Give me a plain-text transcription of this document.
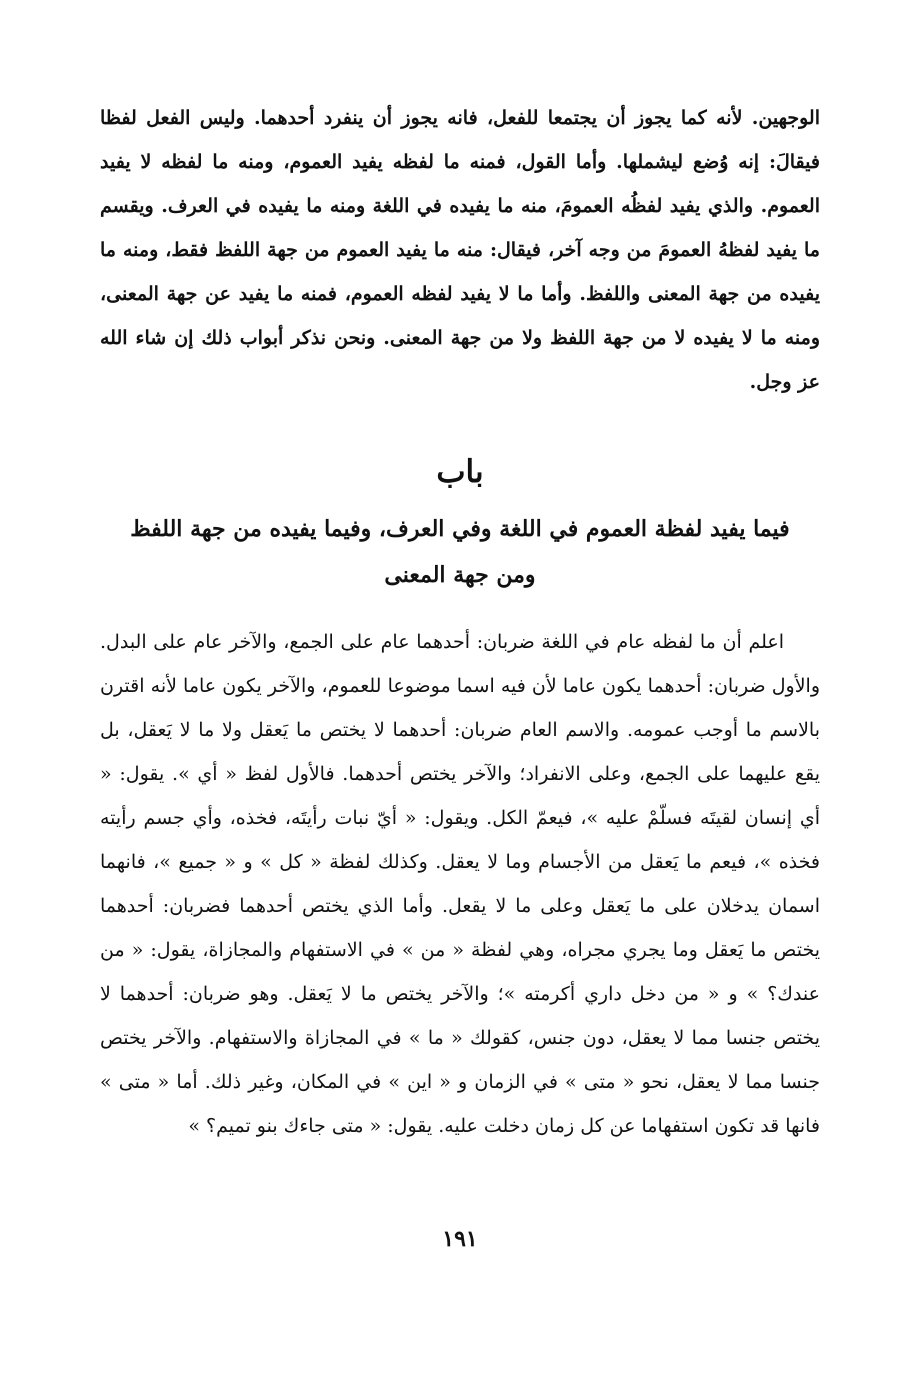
الوجهين. لأنه كما يجوز أن يجتمعا للفعل، فانه يجوز أن ينفرد أحدهما. وليس الفعل لفظا فيقالَ: إنه وُضع ليشملها. وأما القول، فمنه ما لفظه يفيد العموم، ومنه ما لفظه لا يفيد العموم. والذي يفيد لفظُه العمومَ، منه ما يفيده في اللغة ومنه ما يفيده في العرف. ويقسم ما يفيد لفظهُ العمومَ من وجه آخر، فيقال: منه ما يفيد العموم من جهة اللفظ فقط، ومنه ما يفيده من جهة المعنى واللفظ. وأما ما لا يفيد لفظه العموم، فمنه ما يفيد عن جهة المعنى، ومنه ما لا يفيده لا من جهة اللفظ ولا من جهة المعنى. ونحن نذكر أبواب ذلك إن شاء الله عز وجل.

باب
فيما يفيد لفظة العموم في اللغة وفي العرف، وفيما يفيده من جهة اللفظ
ومن جهة المعنى

اعلم أن ما لفظه عام في اللغة ضربان: أحدهما عام على الجمع، والآخر عام على البدل. والأول ضربان: أحدهما يكون عاما لأن فيه اسما موضوعا للعموم، والآخر يكون عاما لأنه اقترن بالاسم ما أوجب عمومه. والاسم العام ضربان: أحدهما لا يختص ما يَعقل ولا ما لا يَعقل، بل يقع عليهما على الجمع، وعلى الانفراد؛ والآخر يختص أحدهما. فالأول لفظ « أي ». يقول: « أي إنسان لقيتَه فسلّمْ عليه »، فيعمّ الكل. ويقول: « أيّ نبات رأيتَه، فخذه، وأي جسم رأيته فخذه »، فيعم ما يَعقل من الأجسام وما لا يعقل. وكذلك لفظة « كل » و « جميع »، فانهما اسمان يدخلان على ما يَعقل وعلى ما لا يقعل. وأما الذي يختص أحدهما فضربان: أحدهما يختص ما يَعقل وما يجري مجراه، وهي لفظة « من » في الاستفهام والمجازاة، يقول: « من عندك؟ » و « من دخل داري أكرمته »؛ والآخر يختص ما لا يَعقل. وهو ضربان: أحدهما لا يختص جنسا مما لا يعقل، دون جنس، كقولك « ما » في المجازاة والاستفهام. والآخر يختص جنسا مما لا يعقل، نحو « متى » في الزمان و « اين » في المكان، وغير ذلك. أما « متى » فانها قد تكون استفهاما عن كل زمان دخلت عليه. يقول: « متى جاءك بنو تميم؟ »

١٩١
